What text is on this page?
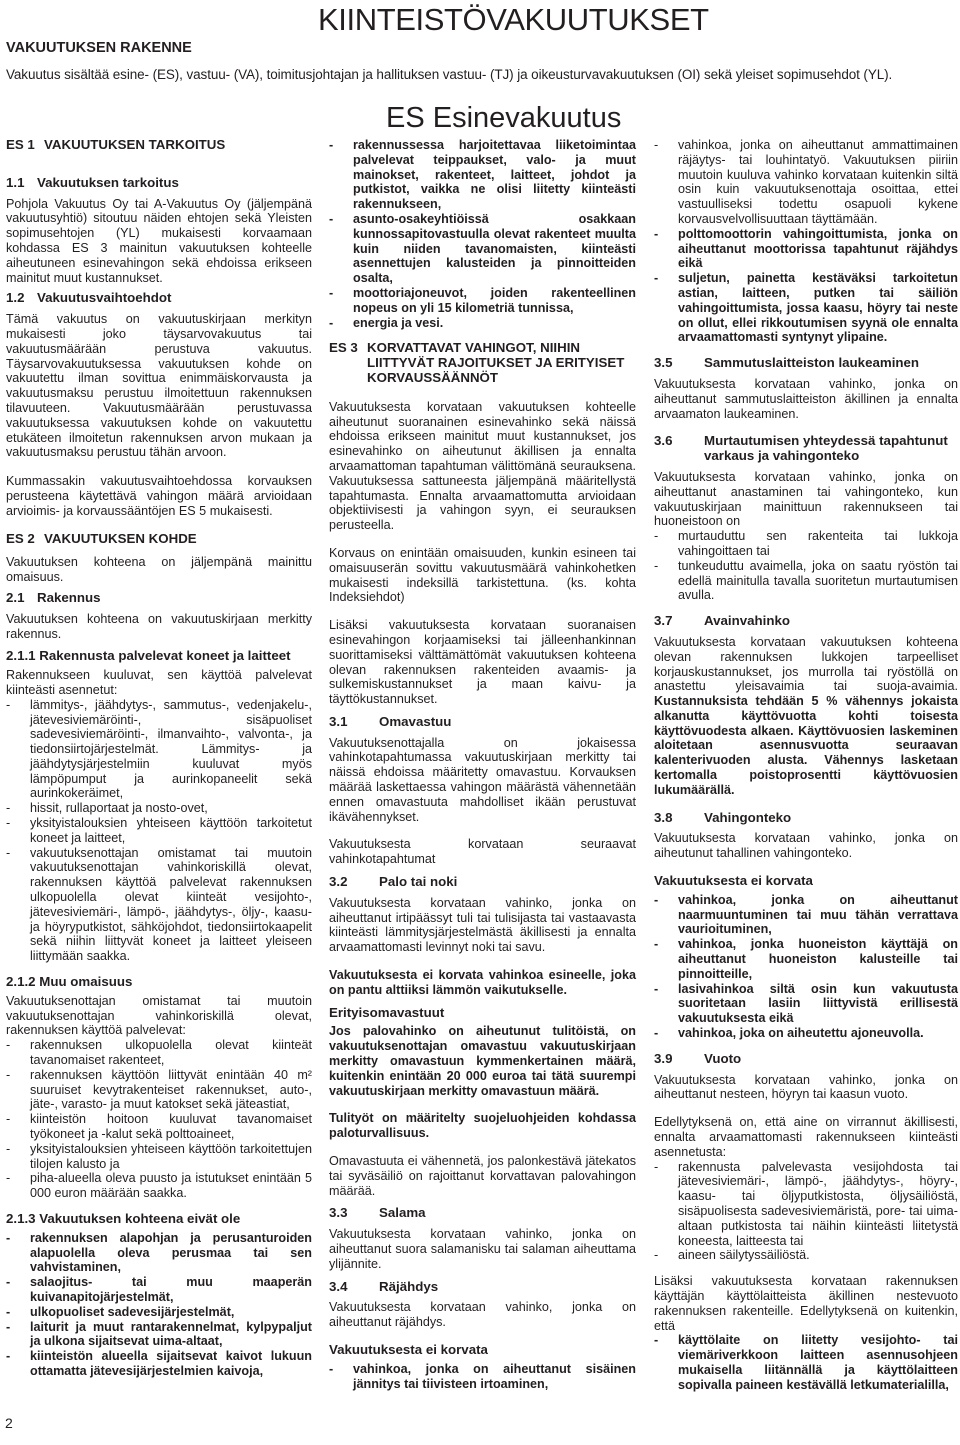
KIINTEISTÖVAKUUTUKSET

VAKUUTUKSEN RAKENNE

Vakuutus sisältää esine- (ES), vastuu- (VA), toimitusjohtajan ja hallituksen vastuu- (TJ) ja oikeusturvavakuutuksen (OI) sekä yleiset sopimusehdot (YL).

ES Esinevakuutus
ES 1 VAKUUTUKSEN TARKOITUS
1.1 Vakuutuksen tarkoitus

Pohjola Vakuutus Oy tai A-Vakuutus Oy (jäljempänä vakuutusyhtiö) sitoutuu näiden ehtojen sekä Yleisten sopimusehtojen (YL) mukaisesti korvaamaan kohdassa ES 3 mainitun vakuutuksen kohteelle aiheutuneen esinevahingon sekä ehdoissa erikseen mainitut muut kustannukset.

1.2 Vakuutusvaihtoehdot

Tämä vakuutus on vakuutuskirjaan merkityn mukaisesti joko täysarvovakuutus tai vakuutusmäärään perustuva vakuutus. Täysarvovakuutuksessa vakuutuksen kohde on vakuutettu ilman sovittua enimmäiskorvausta ja vakuutusmaksu perustuu ilmoitettuun rakennuksen tilavuuteen. Vakuutusmäärään perustuvassa vakuutuksessa vakuutuksen kohde on vakuutettu etukäteen ilmoitetun rakennuksen arvon mukaan ja vakuutusmaksu perustuu tähän arvoon.

Kummassakin vakuutusvaihtoehdossa korvauksen perusteena käytettävä vahingon määrä arvioidaan arvioimis- ja korvaussääntöjen ES 5 mukaisesti.

ES 2 VAKUUTUKSEN KOHDE

Vakuutuksen kohteena on jäljempänä mainittu omaisuus.

2.1 Rakennus

Vakuutuksen kohteena on vakuutuskirjaan merkitty rakennus.

2.1.1 Rakennusta palvelevat koneet ja laitteet

Rakennukseen kuuluvat, sen käyttöä palvelevat kiinteästi asennetut:

- lämmitys-, jäähdytys-, sammutus-, vedenjakelu-, jätevesiviemäröinti-, sisäpuoliset sadevesiviemäröinti-, ilmanvaihto-, valvonta-, ja tiedonsiirtojärjestelmät. Lämmitys- ja jäähdytysjärjestelmiin kuuluvat myös lämpöpumput ja aurinkopaneelit sekä aurinkokeräimet,
- hissit, rullaportaat ja nosto-ovet,
- yksityistalouksien yhteiseen käyttöön tarkoitetut koneet ja laitteet,
- vakuutuksenottajan omistamat tai muutoin vakuutuksenottajan vahinkoriskillä olevat, rakennuksen käyttöä palvelevat rakennuksen ulkopuolella olevat kiinteät vesijohto-, jätevesiviemäri-, lämpö-, jäähdytys-, öljy-, kaasu- ja höyryputkistot, sähköjohdot, tiedonsiirtokaapelit sekä niihin liittyvät koneet ja laitteet yleiseen liittymään saakka.
2.1.2 Muu omaisuus

Vakuutuksenottajan omistamat tai muutoin vakuutuksenottajan vahinkoriskillä olevat, rakennuksen käyttöä palvelevat:

- rakennuksen ulkopuolella olevat kiinteät tavanomaiset rakenteet,
- rakennuksen käyttöön liittyvät enintään 40 m² suuruiset kevytrakenteiset rakennukset, auto-, jäte-, varasto- ja muut katokset sekä jäteastiat,
- kiinteistön hoitoon kuuluvat tavanomaiset työkoneet ja -kalut sekä polttoaineet,
- yksityistalouksien yhteiseen käyttöön tarkoitettujen tilojen kalusto ja
- piha-alueella oleva puusto ja istutukset enintään 5 000 euron määrään saakka.
2.1.3 Vakuutuksen kohteena eivät ole
- rakennuksen alapohjan ja perusanturoiden alapuolella oleva perusmaa tai sen vahvistaminen,
- salaojitus- tai muu maaperän kuivanapitojärjestelmät,
- ulkopuoliset sadevesijärjestelmät,
- laiturit ja muut rantarakennelmat, kylpypaljut ja ulkona sijaitsevat uima-altaat,
- kiinteistön alueella sijaitsevat kaivot lukuun ottamatta jätevesijärjestelmien kaivoja,
- rakennussessa harjoitettavaa liiketoimintaa palvelevat teippaukset, valo- ja muut mainokset, rakenteet, laitteet, johdot ja putkistot, vaikka ne olisi liitetty kiinteästi rakennukseen,
- asunto-osakeyhtiöissä osakkaan kunnossapitovastuulla olevat rakenteet muulta kuin niiden tavanomaisten, kiinteästi asennettujen kalusteiden ja pinnoitteiden osalta,
- moottoriajoneuvot, joiden rakenteellinen nopeus on yli 15 kilometriä tunnissa,
- energia ja vesi.
ES 3 KORVATTAVAT VAHINGOT, NIIHIN LIITTYVÄT RAJOITUKSET JA ERITYISET KORVAUSSÄÄNNÖT

Vakuutuksesta korvataan vakuutuksen kohteelle aiheutunut suoranainen esinevahinko sekä näissä ehdoissa erikseen mainitut muut kustannukset, jos esinevahinko on aiheutunut äkillisen ja ennalta arvaamattoman tapahtuman välittömänä seurauksena. Vakuutuksessa sattuneesta jäljempänä määritellystä tapahtumasta. Ennalta arvaamattomutta arvioidaan objektiivisesti ja vahingon syyn, ei seurauksen perusteella.

Korvaus on enintään omaisuuden, kunkin esineen tai omaisuuserän sovittu vakuutusmäärä vahinkohetken mukaisesti indeksillä tarkistettuna. (ks. kohta Indeksiehdot)

Lisäksi vakuutuksesta korvataan suoranaisen esinevahingon korjaamiseksi tai jälleenhankinnan suorittamiseksi välttämättömät vakuutuksen kohteena olevan rakennuksen rakenteiden avaamis- ja sulkemiskustannukset ja maan kaivu- ja täyttökustannukset.

3.1 Omavastuu

Vakuutuksenottajalla on jokaisessa vahinkotapahtumassa vakuutuskirjaan merkitty tai näissä ehdoissa määritetty omavastuu. Korvauksen määrää laskettaessa vahingon määrästä vähennetään ennen omavastuuta mahdolliset ikään perustuvat ikävähennykset.

Vakuutuksesta korvataan seuraavat vahinkotapahtumat

3.2 Palo tai noki

Vakuutuksesta korvataan vahinko, jonka on aiheuttanut irtipäässyt tuli tai tulisijasta tai vastaavasta kiinteästi lämmitysjärjestelmästä äkillisesti ja ennalta arvaamattomasti levinnyt noki tai savu.

Vakuutuksesta ei korvata vahinkoa esineelle, joka on pantu alttiiksi lämmön vaikutukselle.

Erityisomavastuut

Jos palovahinko on aiheutunut tulitöistä, on vakuutuksenottajan omavastuu vakuutuskirjaan merkitty omavastuun kymmenkertainen määrä, kuitenkin enintään 20 000 euroa tai tätä suurempi vakuutuskirjaan merkitty omavastuun määrä.

Tulityöt on määritelty suojeluohjeiden kohdassa paloturvallisuus.

Omavastuuta ei vähennetä, jos palonkestävä jätekatos tai syväsäiliö on rajoittanut korvattavan palovahingon määrää.

3.3 Salama

Vakuutuksesta korvataan vahinko, jonka on aiheuttanut suora salamanisku tai salaman aiheuttama ylijännite.

3.4 Räjähdys

Vakuutuksesta korvataan vahinko, jonka on aiheuttanut räjähdys.

Vakuutuksesta ei korvata
- vahinkoa, jonka on aiheuttanut sisäinen jännitys tai tiivisteen irtoaminen,
- vahinkoa, jonka on aiheuttanut ammattimainen räjäytys- tai louhintatyö. Vakuutuksen piiriin muutoin kuuluva vahinko korvataan kuitenkin siltä osin kuin vakuutuksenottaja osoittaa, ettei vastuulliseksi todettu osapuoli kykene korvausvelvollisuuttaan täyttämään.
- polttomoottorin vahingoittumista, jonka on aiheuttanut moottorissa tapahtunut räjähdys eikä
- suljetun, painetta kestäväksi tarkoitetun astian, laitteen, putken tai säiliön vahingoittumista, jossa kaasu, höyry tai neste on ollut, ellei rikkoutumisen syynä ole ennalta arvaamattomasti syntynyt ylipaine.
3.5 Sammutuslaitteiston laukeaminen

Vakuutuksesta korvataan vahinko, jonka on aiheuttanut sammutuslaitteiston äkillinen ja ennalta arvaamaton laukeaminen.

3.6	Murtautumisen yhteydessä tapahtunut varkaus ja vahingonteko

Vakuutuksesta korvataan vahinko, jonka on aiheuttanut anastaminen tai vahingonteko, kun vakuutuskirjaan mainittuun rakennukseen tai huoneistoon on

- murtauduttu sen rakenteita tai lukkoja vahingoittaen tai
- tunkeuduttu avaimella, joka on saatu ryöstön tai edellä mainitulla tavalla suoritetun murtautumisen avulla.
3.7 Avainvahinko

Vakuutuksesta korvataan vakuutuksen kohteena olevan rakennuksen lukkojen tarpeelliset korjauskustannukset, jos murrolla tai ryöstöllä on anastettu yleisavaimia tai suoja-avaimia. Kustannuksista tehdään 5 % vähennys jokaista alkanutta käyttövuotta kohti toisesta käyttövuodesta alkaen. Käyttövuosien laskeminen aloitetaan asennusvuotta seuraavan kalenterivuoden alusta. Vähennys lasketaan kertomalla poistoprosentti käyttövuosien lukumäärällä.

3.8 Vahingonteko

Vakuutuksesta korvataan vahinko, jonka on aiheutunut tahallinen vahingonteko.

Vakuutuksesta ei korvata
- vahinkoa, jonka on aiheuttanut naarmuuntuminen tai muu tähän verrattava vaurioituminen,
- vahinkoa, jonka huoneiston käyttäjä on aiheuttanut huoneiston kalusteille tai pinnoitteille,
- lasivahinkoa siltä osin kun vakuutusta suoritetaan lasiin liittyvistä erillisestä vakuutuksesta eikä
- vahinkoa, joka on aiheutettu ajoneuvolla.
3.9 Vuoto

Vakuutuksesta korvataan vahinko, jonka on aiheuttanut nesteen, höyryn tai kaasun vuoto.

Edellytyksenä on, että aine on virrannut äkillisesti, ennalta arvaamattomasti rakennukseen kiinteästi asennetusta:

- rakennusta palvelevasta vesijohdosta tai jätevesiviemäri-, lämpö-, jäähdytys-, höyry-, kaasu- tai öljyputkistosta, öljysäiliöstä, sisäpuolisesta sadevesiviemäristä, pore- tai uima-altaan putkistosta tai näihin kiinteästi liitetystä koneesta, laitteesta tai
- aineen säilytyssäiliöstä.

Lisäksi vakuutuksesta korvataan rakennuksen käyttäjän käyttölaitteista äkillinen nestevuoto rakennuksen rakenteille. Edellytyksenä on kuitenkin, että

- käyttölaite on liitetty vesijohto- tai viemäriverkkoon laitteen asennusohjeen mukaisella liitännällä ja käyttölaitteen sopivalla paineen kestävällä letkumaterialilla,

2
